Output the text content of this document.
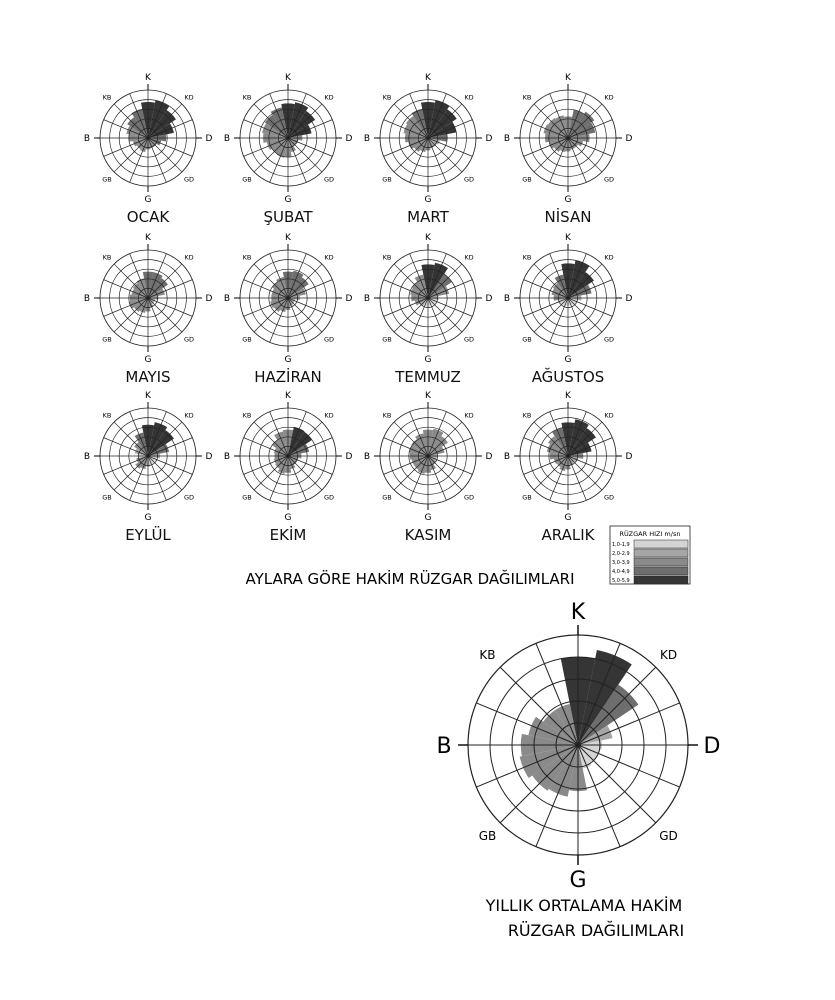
K
KD
D
GD
G
GB
B
KB
OCAK
K
KD
D
GD
G
GB
B
KB
ŞUBAT
K
KD
D
GD
G
GB
B
KB
MART
K
KD
D
GD
G
GB
B
KB
NİSAN
K
KD
D
GD
G
GB
B
KB
MAYIS
K
KD
D
GD
G
GB
B
KB
HAZİRAN
K
KD
D
GD
G
GB
B
KB
TEMMUZ
K
KD
D
GD
G
GB
B
KB
AĞUSTOS
K
KD
D
GD
G
GB
B
KB
EYLÜL
K
KD
D
GD
G
GB
B
KB
EKİM
K
KD
D
GD
G
GB
B
KB
KASIM
K
KD
D
GD
G
GB
B
KB
ARALIK
AYLARA GÖRE HAKİM RÜZGAR DAĞILIMLARI
RÜZGAR HIZI m/sn
1,0-1,9
2,0-2,9
3,0-3,9
4,0-4,9
5,0-5,9
K
KD
D
GD
G
GB
B
KB
YILLIK ORTALAMA HAKİM
RÜZGAR DAĞILIMLARI
